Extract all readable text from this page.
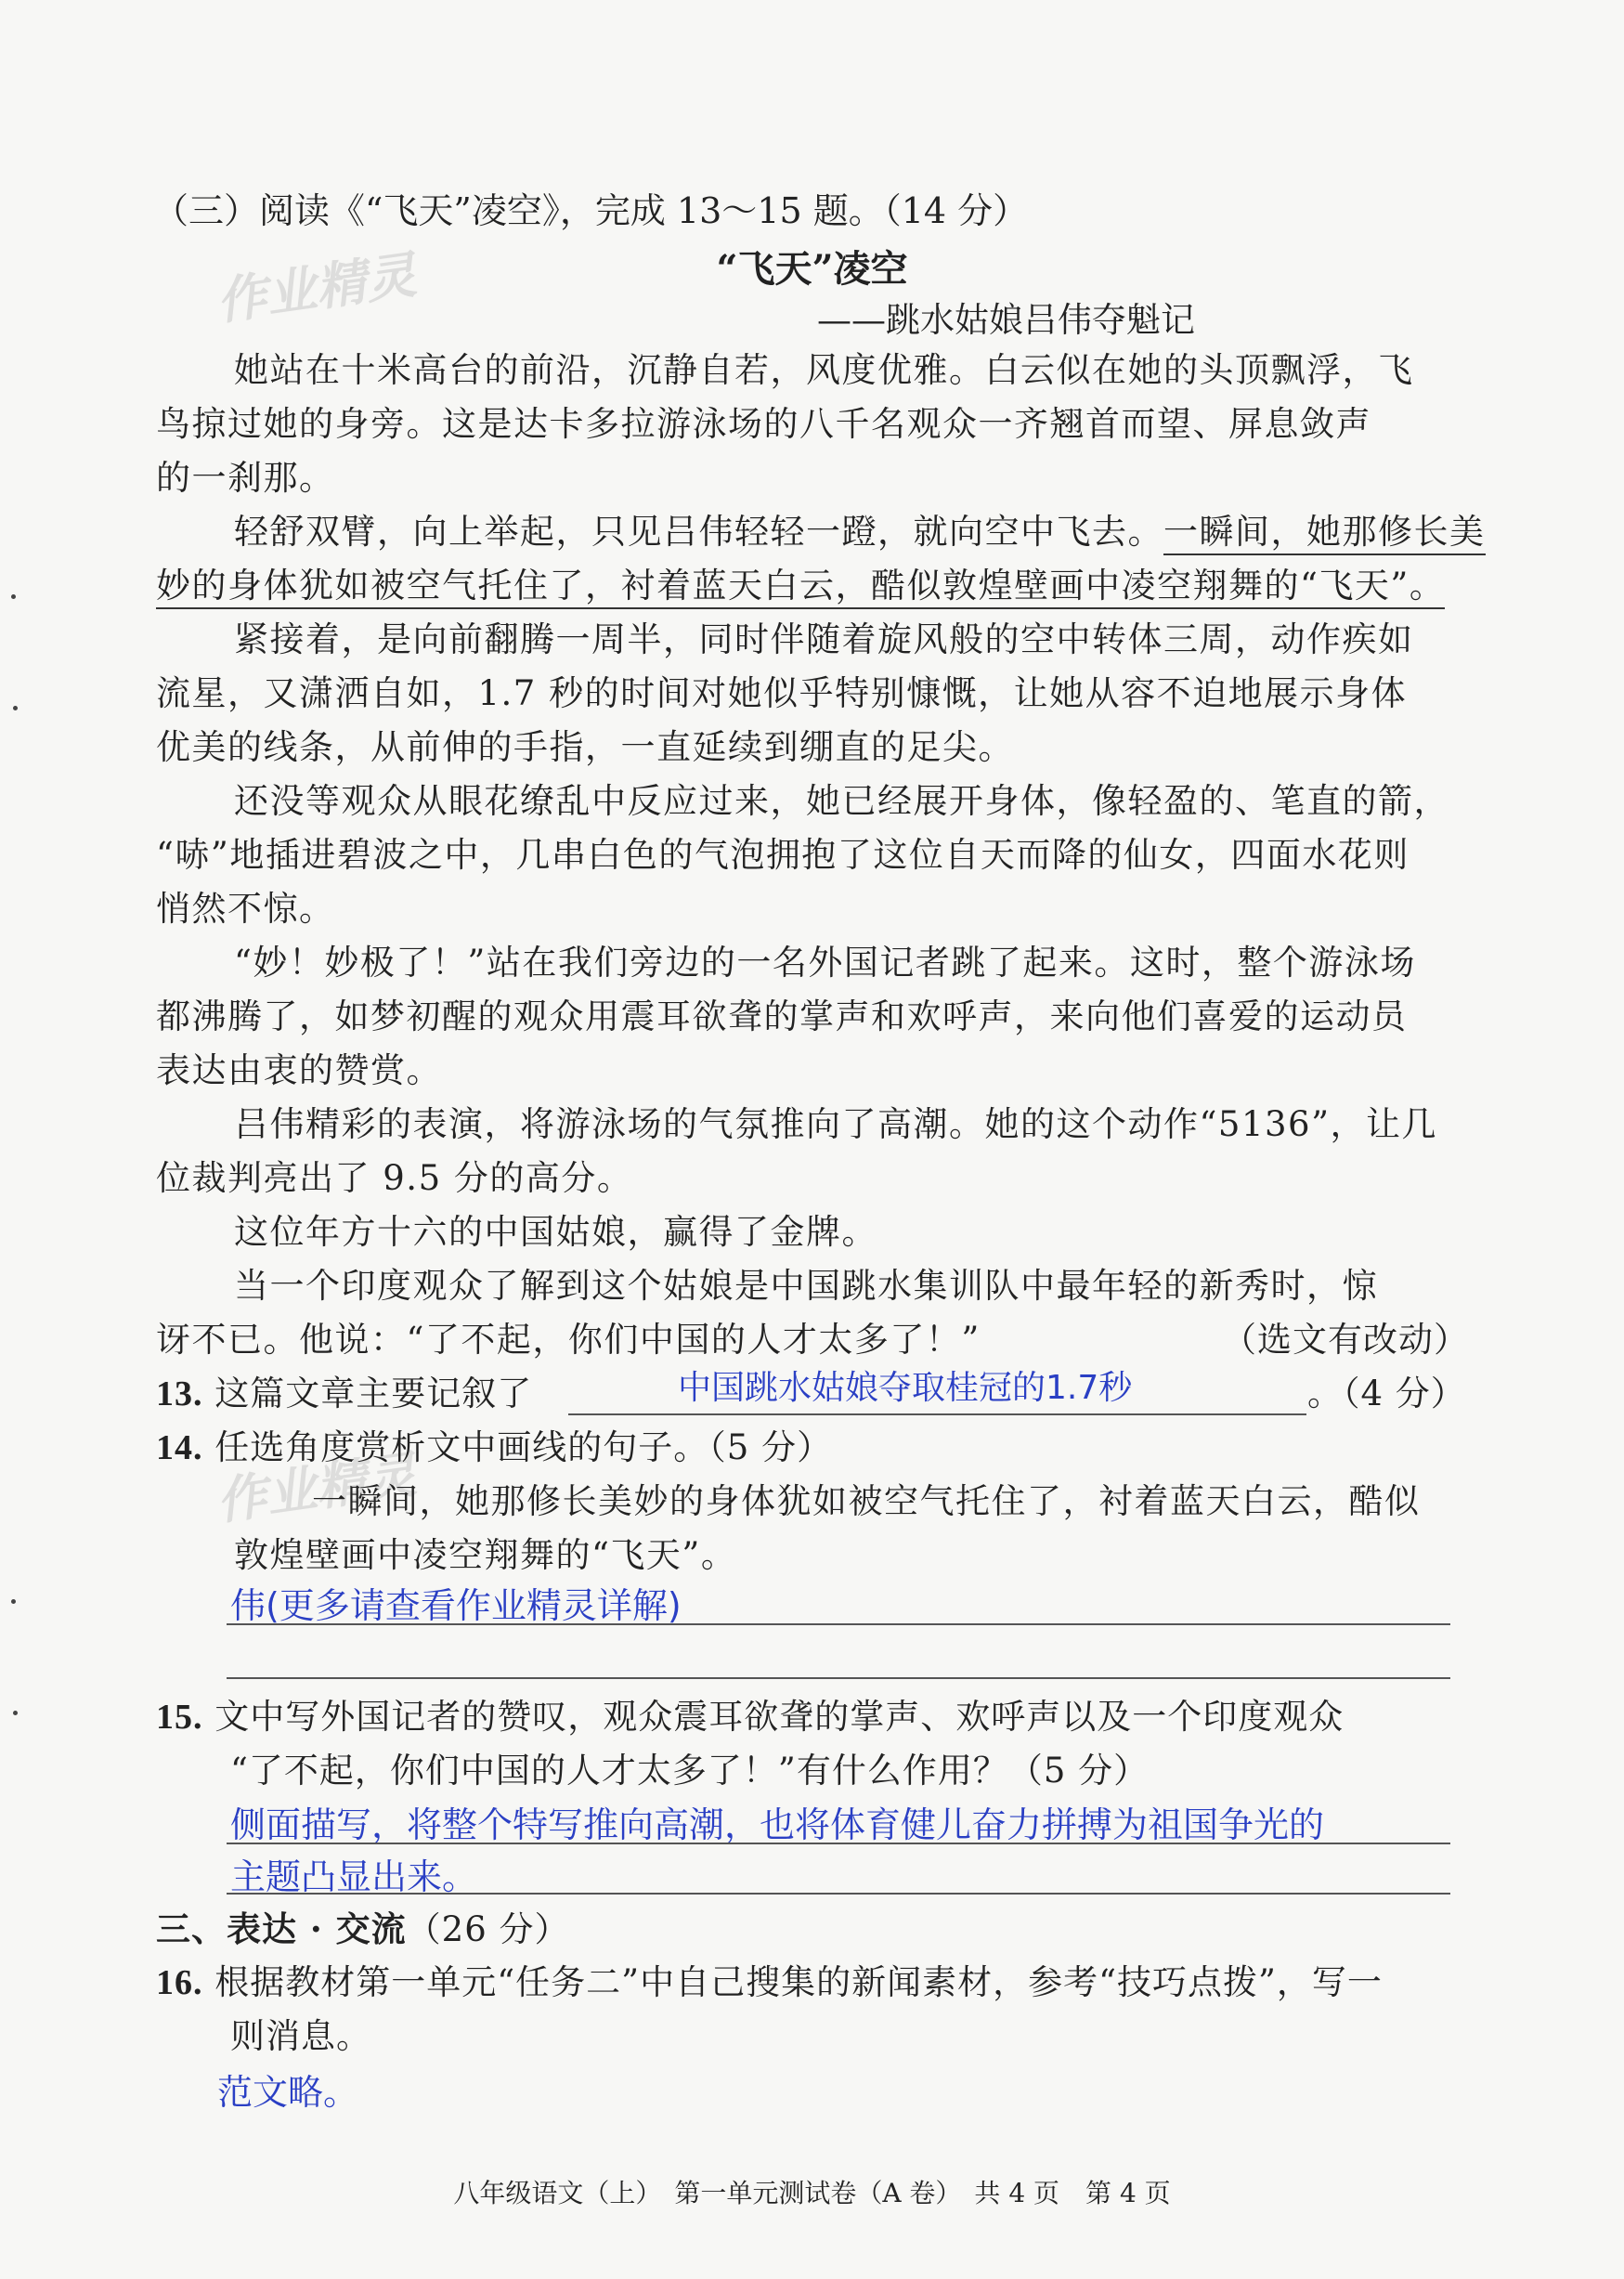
作业精灵
作业精灵
（三）阅读《“飞天”凌空》，完成 13～15 题。（14 分）
“飞天”凌空
——跳水姑娘吕伟夺魁记
她站在十米高台的前沿，沉静自若，风度优雅。白云似在她的头顶飘浮，飞
鸟掠过她的身旁。这是达卡多拉游泳场的八千名观众一齐翘首而望、屏息敛声
的一刹那。
轻舒双臂，向上举起，只见吕伟轻轻一蹬，就向空中飞去。一瞬间，她那修长美
妙的身体犹如被空气托住了，衬着蓝天白云，酷似敦煌壁画中凌空翔舞的“飞天”。
紧接着，是向前翻腾一周半，同时伴随着旋风般的空中转体三周，动作疾如
流星，又潇洒自如，1.7 秒的时间对她似乎特别慷慨，让她从容不迫地展示身体
优美的线条，从前伸的手指，一直延续到绷直的足尖。
还没等观众从眼花缭乱中反应过来，她已经展开身体，像轻盈的、笔直的箭，
“哧”地插进碧波之中，几串白色的气泡拥抱了这位自天而降的仙女，四面水花则
悄然不惊。
“妙！妙极了！”站在我们旁边的一名外国记者跳了起来。这时，整个游泳场
都沸腾了，如梦初醒的观众用震耳欲聋的掌声和欢呼声，来向他们喜爱的运动员
表达由衷的赞赏。
吕伟精彩的表演，将游泳场的气氛推向了高潮。她的这个动作“5136”，让几
位裁判亮出了 9.5 分的高分。
这位年方十六的中国姑娘，赢得了金牌。
当一个印度观众了解到这个姑娘是中国跳水集训队中最年轻的新秀时，惊
讶不已。他说：“了不起，你们中国的人才太多了！”	（选文有改动）
13. 这篇文章主要记叙了	中国跳水姑娘夺取桂冠的1.7秒	。（4 分）
14. 任选角度赏析文中画线的句子。（5 分）
一瞬间，她那修长美妙的身体犹如被空气托住了，衬着蓝天白云，酷似
敦煌壁画中凌空翔舞的“飞天”。
伟(更多请查看作业精灵详解)
15. 文中写外国记者的赞叹，观众震耳欲聋的掌声、欢呼声以及一个印度观众
“了不起，你们中国的人才太多了！”有什么作用？（5 分）
侧面描写，将整个特写推向高潮，也将体育健儿奋力拼搏为祖国争光的
主题凸显出来。
三、表达 · 交流（26 分）
16. 根据教材第一单元“任务二”中自己搜集的新闻素材，参考“技巧点拨”，写一
则消息。
范文略。
八年级语文（上）　第一单元测试卷（A 卷）　共 4 页　第 4 页
